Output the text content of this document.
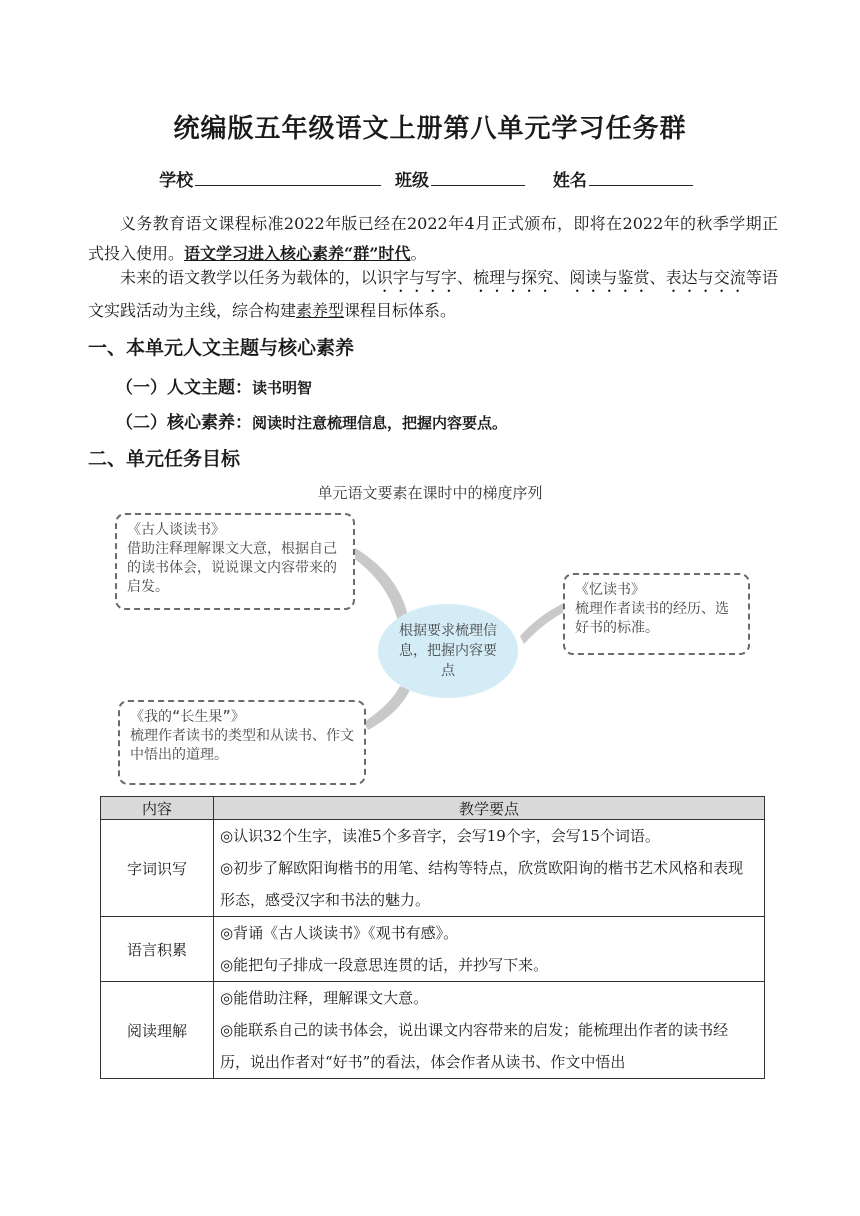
统编版五年级语文上册第八单元学习任务群
学校	班级	姓名
义务教育语文课程标准2022年版已经在2022年4月正式颁布，即将在2022年的秋季学期正式投入使用。语文学习进入核心素养“群”时代。
未来的语文教学以任务为载体的，以识字与写字、梳理与探究、阅读与鉴赏、表达与交流等语文实践活动为主线，综合构建素养型课程目标体系。
一、本单元人文主题与核心素养
（一）人文主题：读书明智
（二）核心素养：阅读时注意梳理信息，把握内容要点。
二、单元任务目标
单元语文要素在课时中的梯度序列
《古人谈读书》
借助注释理解课文大意，根据自己的读书体会，说说课文内容带来的启发。	《忆读书》
梳理作者读书的经历、选好书的标准。
《我的“长生果”》
梳理作者读书的类型和从读书、作文中悟出的道理。
根据要求梳理信息，把握内容要点
内容	教学要点
字词识写	◎认识32个生字，读准5个多音字，会写19个字，会写15个词语。

◎初步了解欧阳询楷书的用笔、结构等特点，欣赏欧阳询的楷书艺术风格和表现形态，感受汉字和书法的魅力。

语言积累	◎背诵《古人谈读书》《观书有感》。

◎能把句子排成一段意思连贯的话，并抄写下来。

阅读理解	◎能借助注释，理解课文大意。

◎能联系自己的读书体会，说出课文内容带来的启发；能梳理出作者的读书经历，说出作者对“好书”的看法，体会作者从读书、作文中悟出
